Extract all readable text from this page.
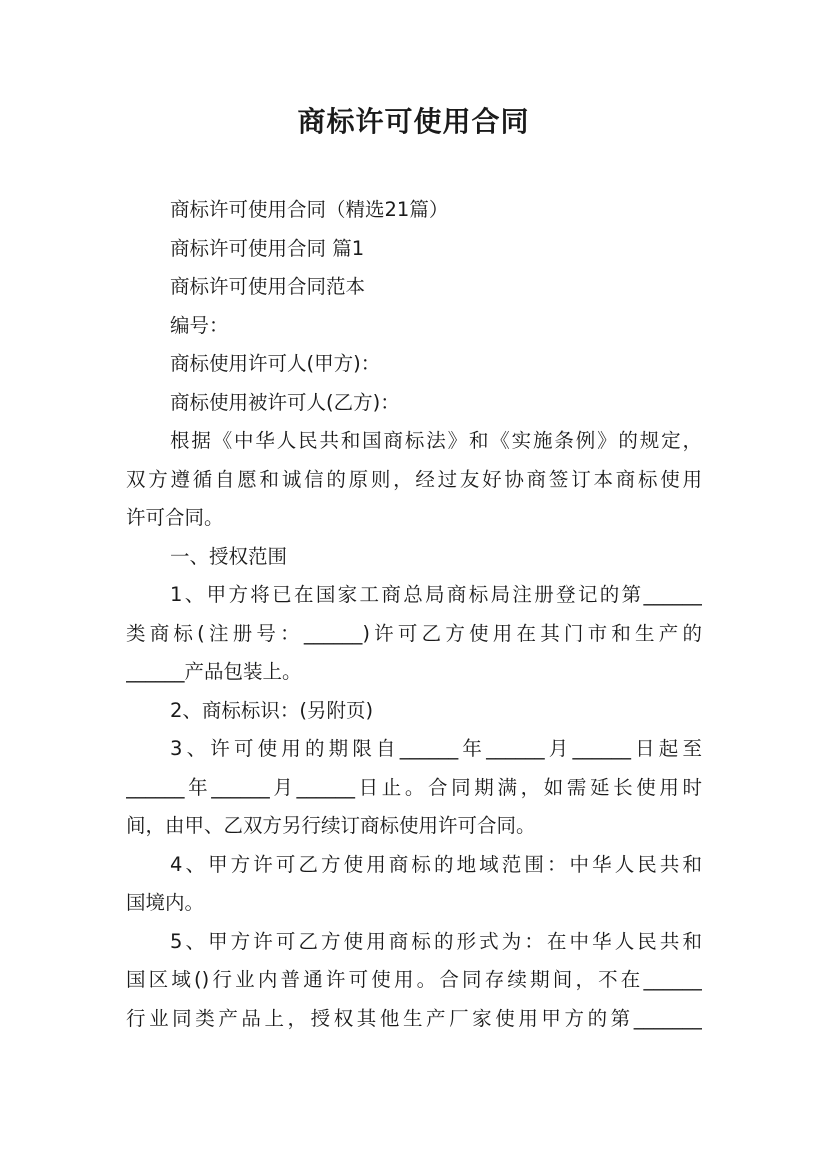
商标许可使用合同
商标许可使用合同（精选21篇）
商标许可使用合同 篇1
商标许可使用合同范本
编号：
商标使用许可人(甲方)：
商标使用被许可人(乙方)：
根据《中华人民共和国商标法》和《实施条例》的规定，
双方遵循自愿和诚信的原则，经过友好协商签订本商标使用
许可合同。
一、授权范围
1、甲方将已在国家工商总局商标局注册登记的第______
类商标(注册号：______)许可乙方使用在其门市和生产的
______产品包装上。
2、商标标识：(另附页)
3、许可使用的期限自______年______月______日起至
______年______月______日止。合同期满，如需延长使用时
间，由甲、乙双方另行续订商标使用许可合同。
4、甲方许可乙方使用商标的地域范围：中华人民共和
国境内。
5、甲方许可乙方使用商标的形式为：在中华人民共和
国区域()行业内普通许可使用。合同存续期间，不在______
行业同类产品上，授权其他生产厂家使用甲方的第_______
